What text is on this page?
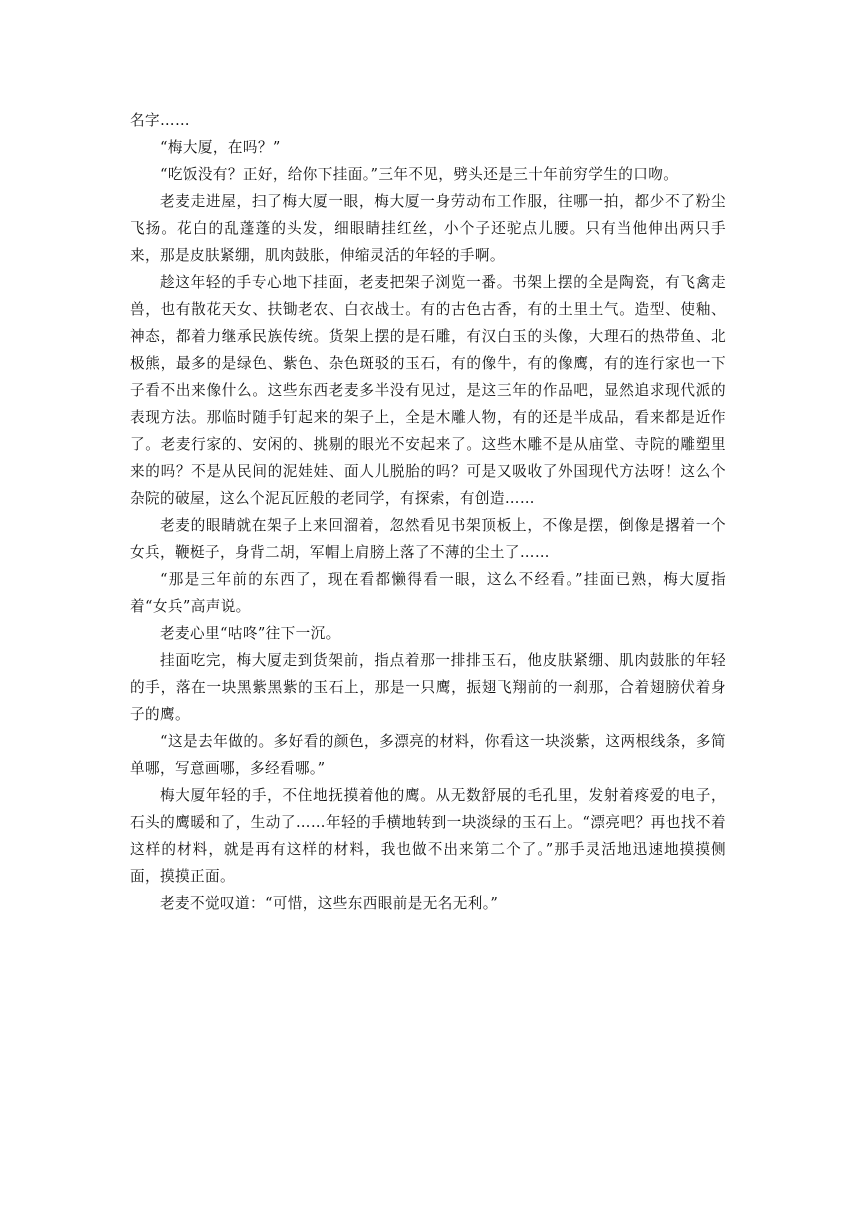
名字……

“梅大厦，在吗？”

“吃饭没有？正好，给你下挂面。”三年不见，劈头还是三十年前穷学生的口吻。

老麦走进屋，扫了梅大厦一眼，梅大厦一身劳动布工作服，往哪一拍，都少不了粉尘飞扬。花白的乱蓬蓬的头发，细眼睛挂红丝，小个子还驼点儿腰。只有当他伸出两只手来，那是皮肤紧绷，肌肉鼓胀，伸缩灵活的年轻的手啊。

趁这年轻的手专心地下挂面，老麦把架子浏览一番。书架上摆的全是陶瓷，有飞禽走兽，也有散花天女、扶锄老农、白衣战士。有的古色古香，有的土里土气。造型、使釉、神态，都着力继承民族传统。货架上摆的是石雕，有汉白玉的头像，大理石的热带鱼、北极熊，最多的是绿色、紫色、杂色斑驳的玉石，有的像牛，有的像鹰，有的连行家也一下子看不出来像什么。这些东西老麦多半没有见过，是这三年的作品吧，显然追求现代派的表现方法。那临时随手钉起来的架子上，全是木雕人物，有的还是半成品，看来都是近作了。老麦行家的、安闲的、挑剔的眼光不安起来了。这些木雕不是从庙堂、寺院的雕塑里来的吗？不是从民间的泥娃娃、面人儿脱胎的吗？可是又吸收了外国现代方法呀！这么个杂院的破屋，这么个泥瓦匠般的老同学，有探索，有创造……

老麦的眼睛就在架子上来回溜着，忽然看见书架顶板上，不像是摆，倒像是撂着一个女兵，鞭梃子，身背二胡，军帽上肩膀上落了不薄的尘土了……

“那是三年前的东西了，现在看都懒得看一眼，这么不经看。”挂面已熟，梅大厦指着“女兵”高声说。

老麦心里“咕咚”往下一沉。

挂面吃完，梅大厦走到货架前，指点着那一排排玉石，他皮肤紧绷、肌肉鼓胀的年轻的手，落在一块黑紫黑紫的玉石上，那是一只鹰，振翅飞翔前的一刹那，合着翅膀伏着身子的鹰。

“这是去年做的。多好看的颜色，多漂亮的材料，你看这一块淡紫，这两根线条，多简单哪，写意画哪，多经看哪。”

梅大厦年轻的手，不住地抚摸着他的鹰。从无数舒展的毛孔里，发射着疼爱的电子，石头的鹰暖和了，生动了……年轻的手横地转到一块淡绿的玉石上。“漂亮吧？再也找不着这样的材料，就是再有这样的材料，我也做不出来第二个了。”那手灵活地迅速地摸摸侧面，摸摸正面。

老麦不觉叹道：“可惜，这些东西眼前是无名无利。”
